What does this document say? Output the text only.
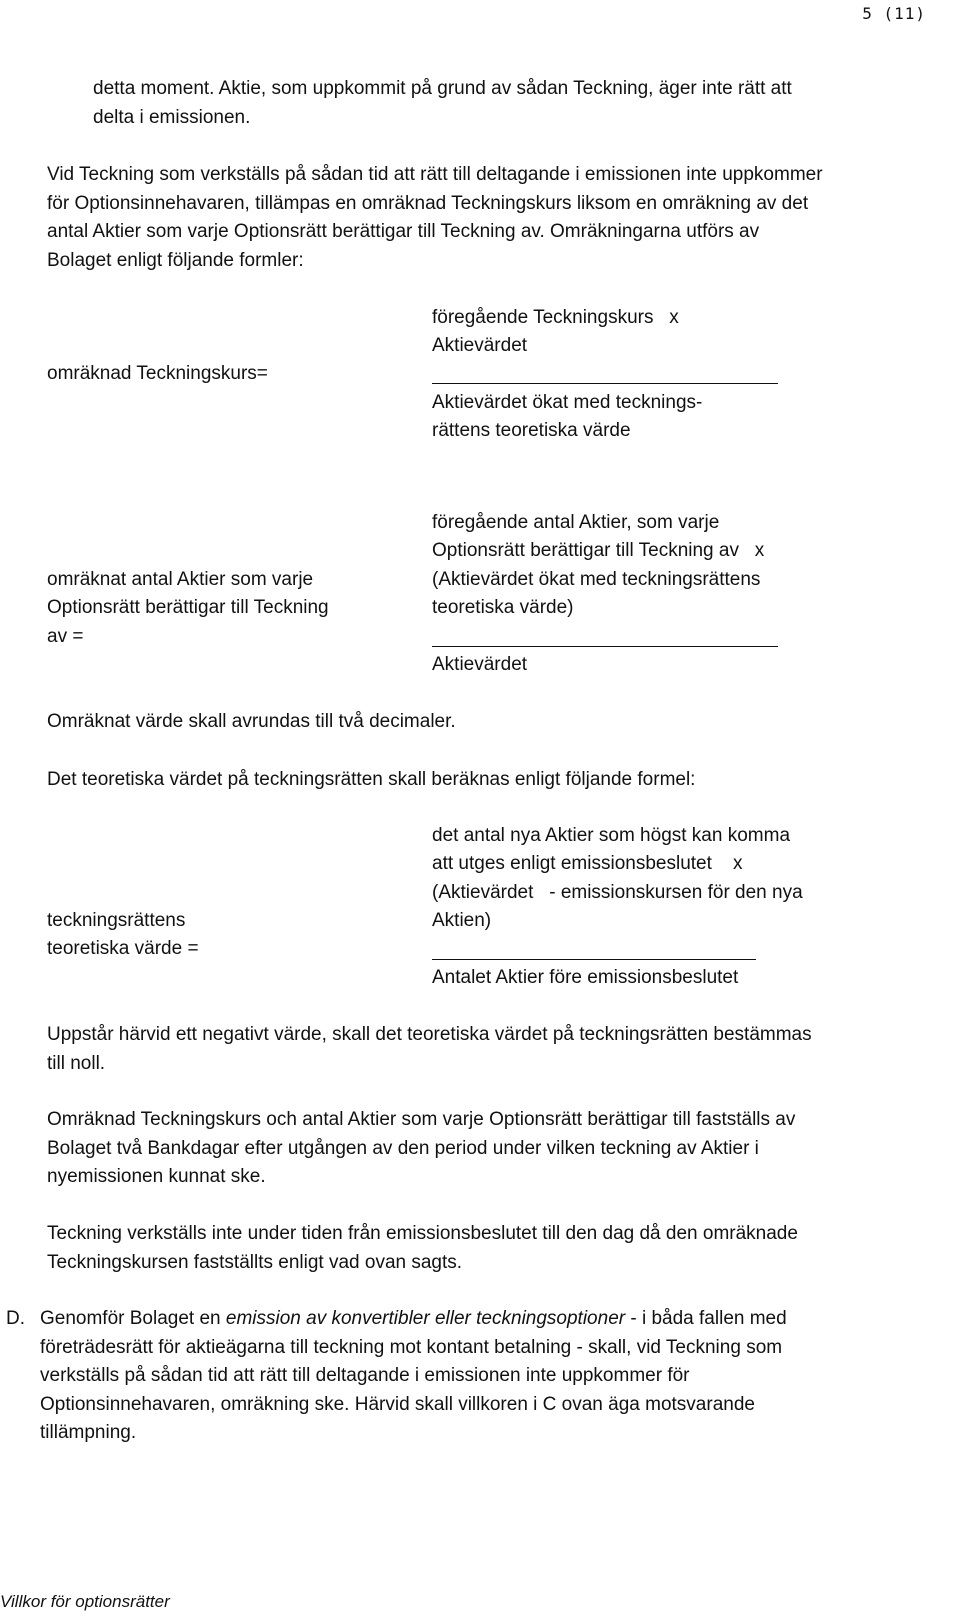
5 (11)

detta moment. Aktie, som uppkommit på grund av sådan Teckning, äger inte rätt att
delta i emissionen.

Vid Teckning som verkställs på sådan tid att rätt till deltagande i emissionen inte uppkommer
för Optionsinnehavaren, tillämpas en omräknad Teckningskurs liksom en omräkning av det
antal Aktier som varje Optionsrätt berättigar till Teckning av. Omräkningarna utförs av
Bolaget enligt följande formler:

omräknad Teckningskurs=
föregående Teckningskurs   x
Aktievärdet
Aktievärdet ökat med tecknings-
rättens teoretiska värde
omräknat antal Aktier som varje
Optionsrätt berättigar till Teckning
av =
föregående antal Aktier, som varje
Optionsrätt berättigar till Teckning av   x
(Aktievärdet ökat med teckningsrättens
teoretiska värde)
Aktievärdet

Omräknat värde skall avrundas till två decimaler.

Det teoretiska värdet på teckningsrätten skall beräknas enligt följande formel:

teckningsrättens
teoretiska värde =
det antal nya Aktier som högst kan komma
att utges enligt emissionsbeslutet    x
(Aktievärdet   - emissionskursen för den nya
Aktien)
Antalet Aktier före emissionsbeslutet

Uppstår härvid ett negativt värde, skall det teoretiska värdet på teckningsrätten bestämmas
till noll.

Omräknad Teckningskurs och antal Aktier som varje Optionsrätt berättigar till fastställs av
Bolaget två Bankdagar efter utgången av den period under vilken teckning av Aktier i
nyemissionen kunnat ske.

Teckning verkställs inte under tiden från emissionsbeslutet till den dag då den omräknade
Teckningskursen fastställts enligt vad ovan sagts.

D. Genomför Bolaget en emission av konvertibler eller teckningsoptioner - i båda fallen med
företrädesrätt för aktieägarna till teckning mot kontant betalning - skall, vid Teckning som
verkställs på sådan tid att rätt till deltagande i emissionen inte uppkommer för
Optionsinnehavaren, omräkning ske. Härvid skall villkoren i C ovan äga motsvarande
tillämpning.

Villkor för optionsrätter
